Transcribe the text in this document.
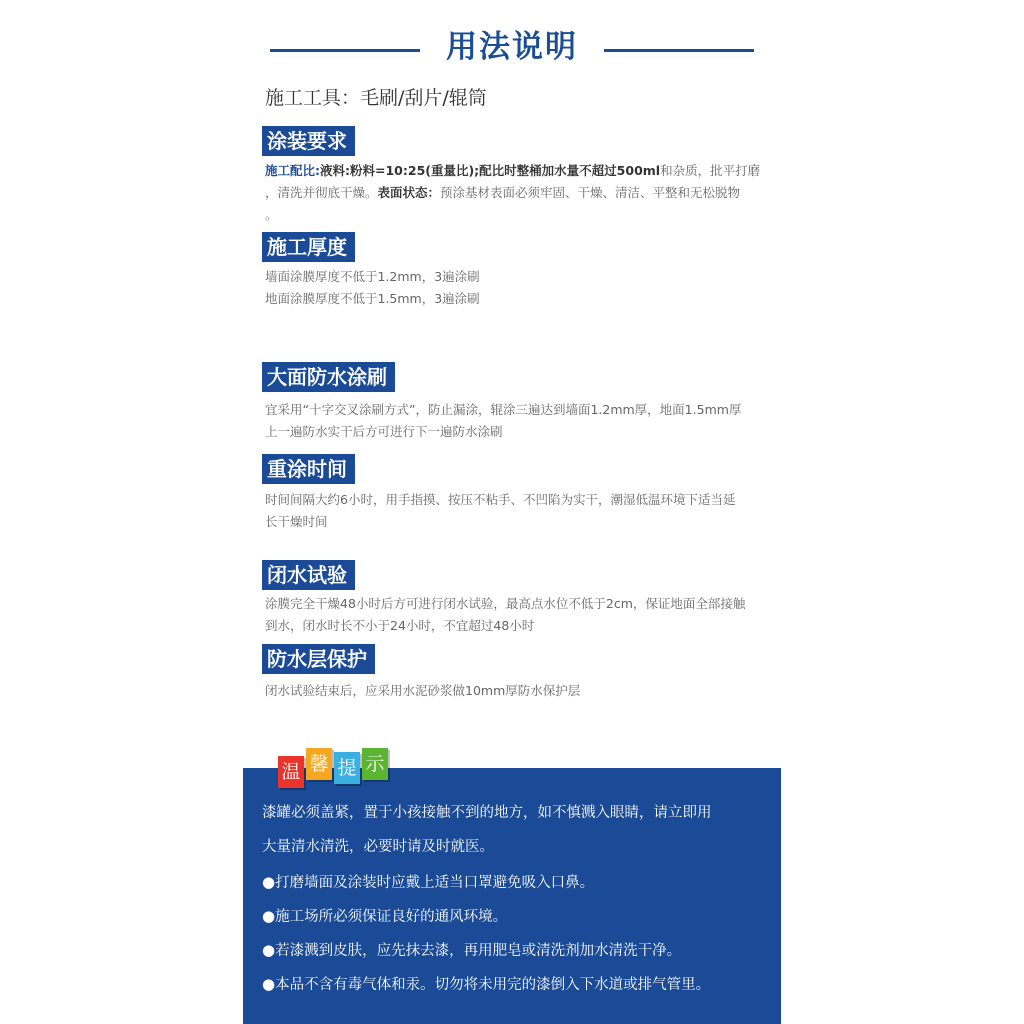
用法说明
施工工具：毛刷/刮片/辊筒
涂装要求
施工配比:液料:粉料=10:25(重量比);配比时整桶加水量不超过500ml和杂质，批平打磨
，清洗并彻底干燥。表面状态：预涂基材表面必须牢固、干燥、清洁、平整和无松脱物
。
施工厚度
墙面涂膜厚度不低于1.2mm，3遍涂刷
地面涂膜厚度不低于1.5mm，3遍涂刷
大面防水涂刷
宜采用“十字交叉涂刷方式”，防止漏涂，辊涂三遍达到墙面1.2mm厚，地面1.5mm厚
上一遍防水实干后方可进行下一遍防水涂刷
重涂时间
时间间隔大约6小时，用手指摸、按压不粘手、不凹陷为实干，潮湿低温环境下适当延
长干燥时间
闭水试验
涂膜完全干燥48小时后方可进行闭水试验，最高点水位不低于2cm，保证地面全部接触
到水，闭水时长不小于24小时，不宜超过48小时
防水层保护
闭水试验结束后，应采用水泥砂浆做10mm厚防水保护层
温 馨 提 示
漆罐必须盖紧，置于小孩接触不到的地方，如不慎溅入眼睛，请立即用
大量清水清洗，必要时请及时就医。
●打磨墙面及涂装时应戴上适当口罩避免吸入口鼻。
●施工场所必须保证良好的通风环境。
●若漆溅到皮肤，应先抹去漆，再用肥皂或清洗剂加水清洗干净。
●本品不含有毒气体和汞。切勿将未用完的漆倒入下水道或排气管里。
